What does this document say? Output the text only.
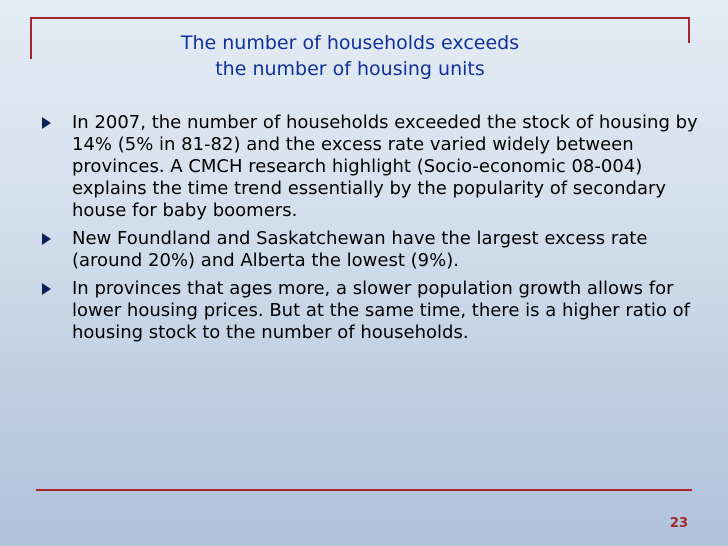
The number of households exceeds
the number of housing units
In 2007, the number of households exceeded the stock of housing by 14% (5% in 81-82) and the excess rate varied widely between provinces. A CMCH research highlight (Socio-economic 08-004) explains the time trend essentially by the popularity of secondary house for baby boomers.
New Foundland and Saskatchewan have the largest excess rate (around 20%) and Alberta the lowest (9%).
In provinces that ages more, a slower population growth allows for lower housing prices. But at the same time, there is a higher ratio of housing stock to the number of households.
23
